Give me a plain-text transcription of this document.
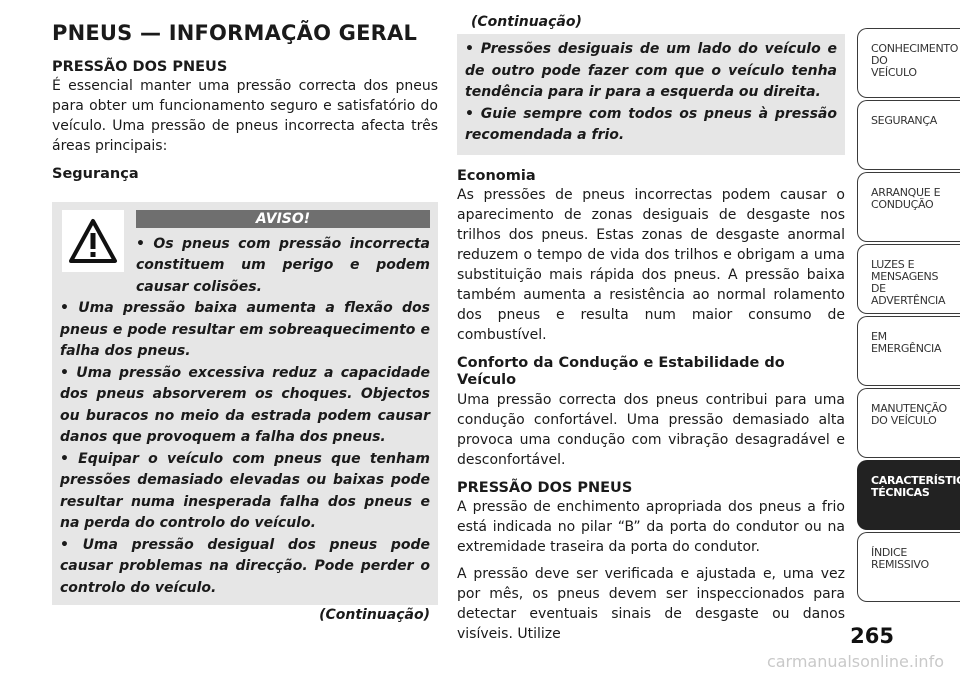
PNEUS — INFORMAÇÃO GERAL
PRESSÃO DOS PNEUS

É essencial manter uma pressão correcta dos pneus para obter um funcionamento seguro e satisfatório do veículo. Uma pressão de pneus incorrecta afecta três áreas principais:

Segurança
AVISO!

• Os pneus com pressão incorrecta constituem um perigo e podem causar colisões.

• Uma pressão baixa aumenta a flexão dos pneus e pode resultar em sobreaquecimento e falha dos pneus.

• Uma pressão excessiva reduz a capacidade dos pneus absorverem os choques. Objectos ou buracos no meio da estrada podem causar danos que provoquem a falha dos pneus.

• Equipar o veículo com pneus que tenham pressões demasiado elevadas ou baixas pode resultar numa inesperada falha dos pneus e na perda do controlo do veículo.

• Uma pressão desigual dos pneus pode causar problemas na direcção. Pode perder o controlo do veículo.

(Continuação)
(Continuação)

• Pressões desiguais de um lado do veículo e de outro pode fazer com que o veículo tenha tendência para ir para a esquerda ou direita.

• Guie sempre com todos os pneus à pressão recomendada a frio.

Economia

As pressões de pneus incorrectas podem causar o aparecimento de zonas desiguais de desgaste nos trilhos dos pneus. Estas zonas de desgaste anormal reduzem o tempo de vida dos trilhos e obrigam a uma substituição mais rápida dos pneus. A pressão baixa também aumenta a resistência ao normal rolamento dos pneus e resulta num maior consumo de combustível.

Conforto da Condução e Estabilidade do Veículo

Uma pressão correcta dos pneus contribui para uma condução confortável. Uma pressão demasiado alta provoca uma condução com vibração desagradável e desconfortável.

PRESSÃO DOS PNEUS

A pressão de enchimento apropriada dos pneus a frio está indicada no pilar “B” da porta do condutor ou na extremidade traseira da porta do condutor.

A pressão deve ser verificada e ajustada e, uma vez por mês, os pneus devem ser inspeccionados para detectar eventuais sinais de desgaste ou danos visíveis. Utilize

CONHECIMENTO
DO
VEÍCULO
SEGURANÇA
ARRANQUE E
CONDUÇÃO
LUZES E
MENSAGENS
DE
ADVERTÊNCIA
EM
EMERGÊNCIA
MANUTENÇÃO
DO VEÍCULO
CARACTERÍSTICAS
TÉCNICAS
ÍNDICE
REMISSIVO
265
carmanualsonline.info
